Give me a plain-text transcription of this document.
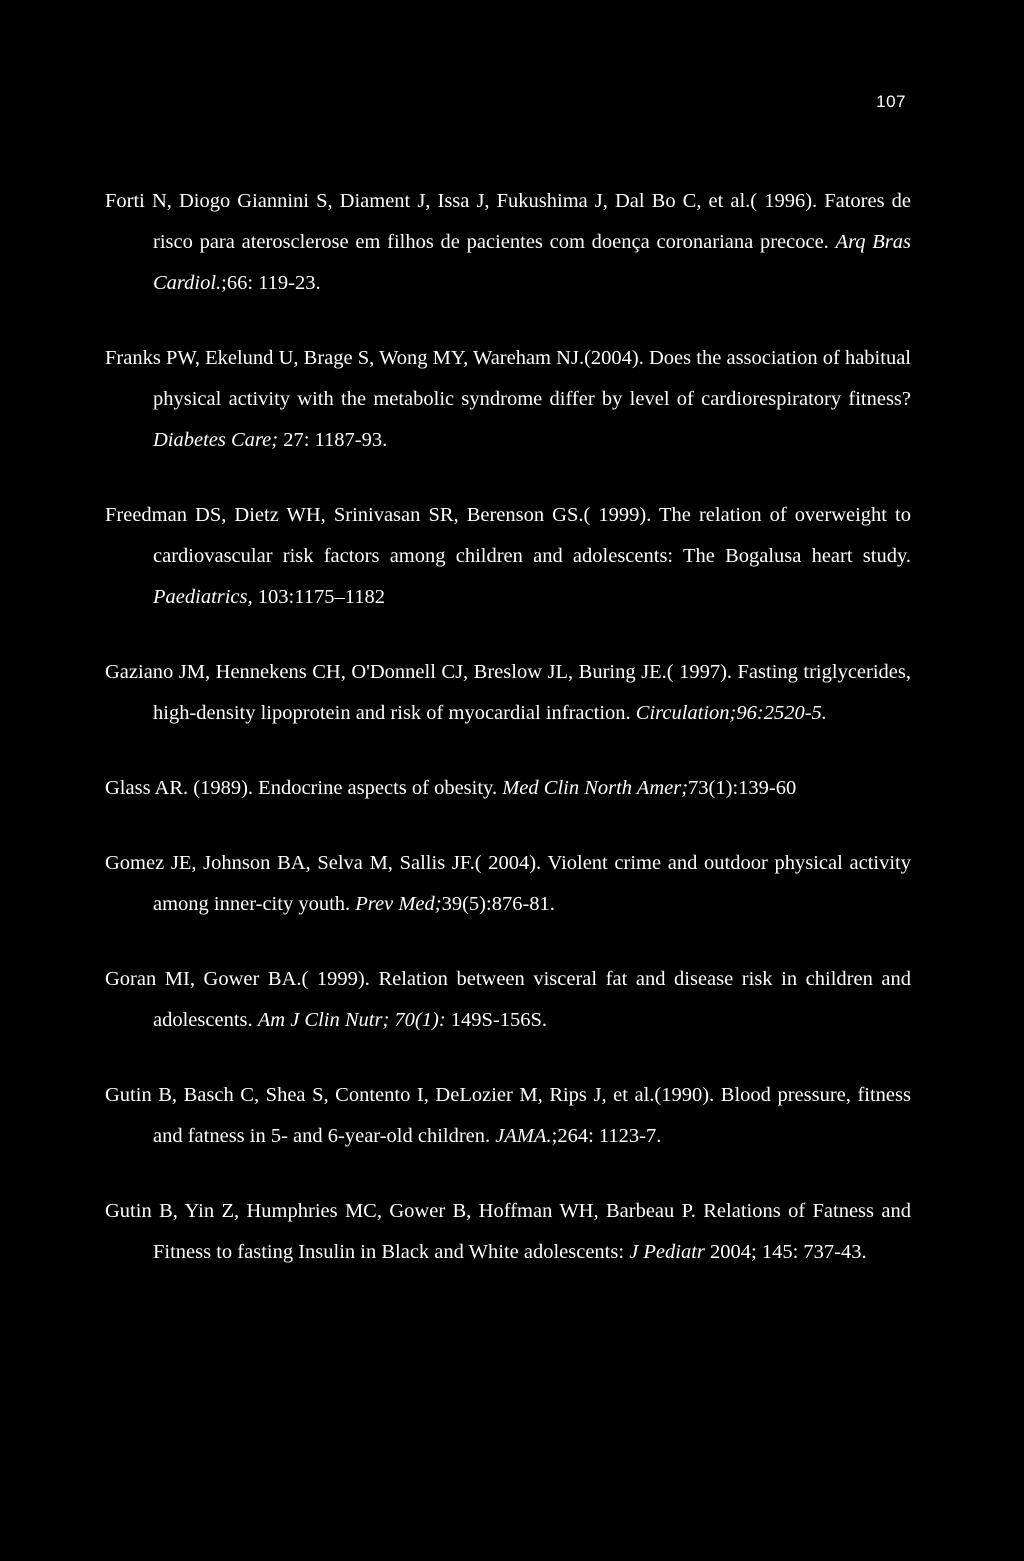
107

Forti N, Diogo Giannini S, Diament J, Issa J, Fukushima J, Dal Bo C, et al.( 1996). Fatores de risco para aterosclerose em filhos de pacientes com doença coronariana precoce. Arq Bras Cardiol.;66: 119-23.

Franks PW, Ekelund U, Brage S, Wong MY, Wareham NJ.(2004). Does the association of habitual physical activity with the metabolic syndrome differ by level of cardiorespiratory fitness? Diabetes Care; 27: 1187-93.

Freedman DS, Dietz WH, Srinivasan SR, Berenson GS.( 1999). The relation of overweight to cardiovascular risk factors among children and adolescents: The Bogalusa heart study. Paediatrics, 103:1175–1182

Gaziano JM, Hennekens CH, O'Donnell CJ, Breslow JL, Buring JE.( 1997). Fasting triglycerides, high-density lipoprotein and risk of myocardial infraction. Circulation;96:2520-5.

Glass AR. (1989). Endocrine aspects of obesity. Med Clin North Amer;73(1):139-60

Gomez JE, Johnson BA, Selva M, Sallis JF.( 2004). Violent crime and outdoor physical activity among inner-city youth. Prev Med;39(5):876-81.

Goran MI, Gower BA.( 1999). Relation between visceral fat and disease risk in children and adolescents. Am J Clin Nutr; 70(1): 149S-156S.

Gutin B, Basch C, Shea S, Contento I, DeLozier M, Rips J, et al.(1990). Blood pressure, fitness and fatness in 5- and 6-year-old children. JAMA.;264: 1123-7.

Gutin B, Yin Z, Humphries MC, Gower B, Hoffman WH, Barbeau P. Relations of Fatness and Fitness to fasting Insulin in Black and White adolescents: J Pediatr 2004; 145: 737-43.
